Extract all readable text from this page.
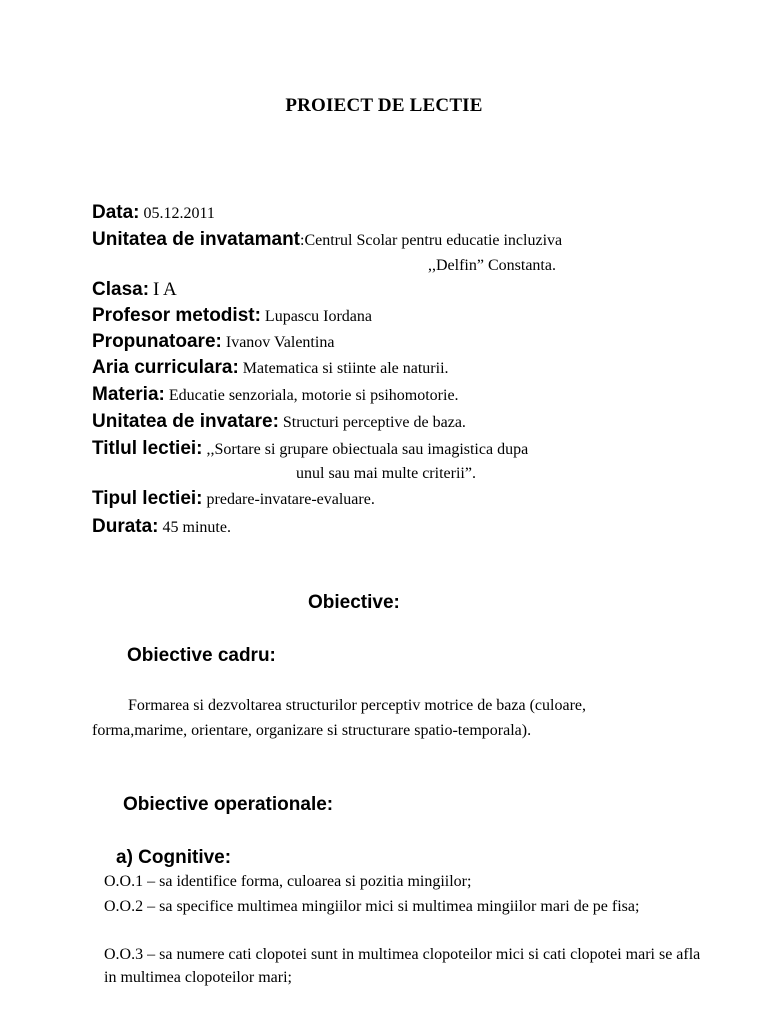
PROIECT DE LECTIE
Data: 05.12.2011
Unitatea de invatamant:Centrul Scolar pentru educatie incluziva
,,Delfin” Constanta.
Clasa: I A
Profesor metodist: Lupascu Iordana
Propunatoare: Ivanov Valentina
Aria curriculara: Matematica si stiinte ale naturii.
Materia: Educatie senzoriala, motorie si psihomotorie.
Unitatea de invatare: Structuri perceptive de baza.
Titlul lectiei: ,,Sortare si grupare obiectuala sau imagistica dupa
unul sau mai multe criterii”.
Tipul lectiei: predare-invatare-evaluare.
Durata: 45 minute.
Obiective:
Obiective cadru:
Formarea si dezvoltarea structurilor perceptiv motrice de baza (culoare, forma,marime, orientare, organizare si structurare spatio-temporala).
Obiective operationale:
a) Cognitive:
O.O.1 – sa identifice forma, culoarea si pozitia mingiilor;
O.O.2 – sa specifice multimea mingiilor mici si multimea mingiilor mari de pe fisa;
O.O.3 – sa numere cati clopotei sunt in multimea clopoteilor mici si cati clopotei mari se afla in multimea clopoteilor mari;
